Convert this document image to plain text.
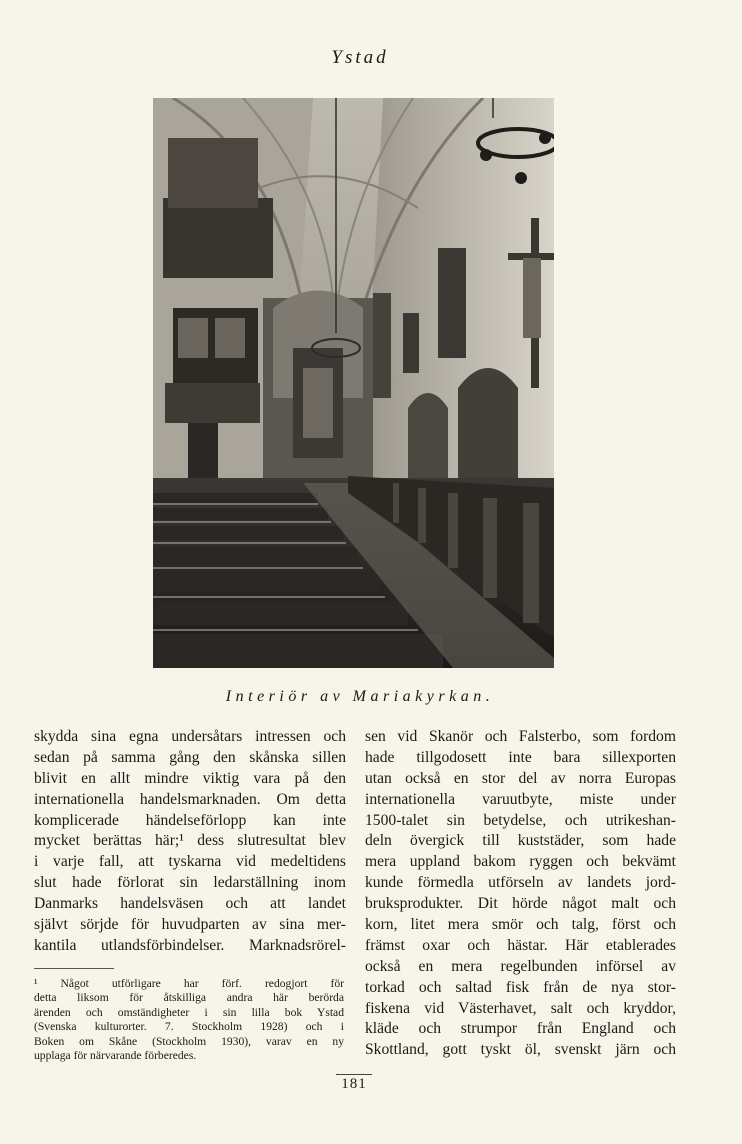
Ystad
Interiör av Mariakyrkan.
skydda sina egna undersåtars intressen och
sedan på samma gång den skånska sillen
blivit en allt mindre viktig vara på den
internationella handelsmarknaden. Om detta
komplicerade händelseförlopp kan inte
mycket berättas här;¹ dess slutresultat blev
i varje fall, att tyskarna vid medeltidens
slut hade förlorat sin ledarställning inom
Danmarks handelsväsen och att landet
självt sörjde för huvudparten av sina mer-
kantila utlandsförbindelser. Marknadsrörel-
¹ Något utförligare har förf. redogjort för
detta liksom för åtskilliga andra här berörda
ärenden och omständigheter i sin lilla bok Ystad
(Svenska kulturorter. 7. Stockholm 1928) och i
Boken om Skåne (Stockholm 1930), varav en ny
upplaga för närvarande förberedes.
sen vid Skanör och Falsterbo, som fordom
hade tillgodosett inte bara sillexporten
utan också en stor del av norra Europas
internationella varuutbyte, miste under
1500-talet sin betydelse, och utrikeshan-
deln övergick till kuststäder, som hade
mera uppland bakom ryggen och bekvämt
kunde förmedla utförseln av landets jord-
bruksprodukter. Dit hörde något malt och
korn, litet mera smör och talg, först och
främst oxar och hästar. Här etablerades
också en mera regelbunden införsel av
torkad och saltad fisk från de nya stor-
fiskena vid Västerhavet, salt och kryddor,
kläde och strumpor från England och
Skottland, gott tyskt öl, svenskt järn och
181
